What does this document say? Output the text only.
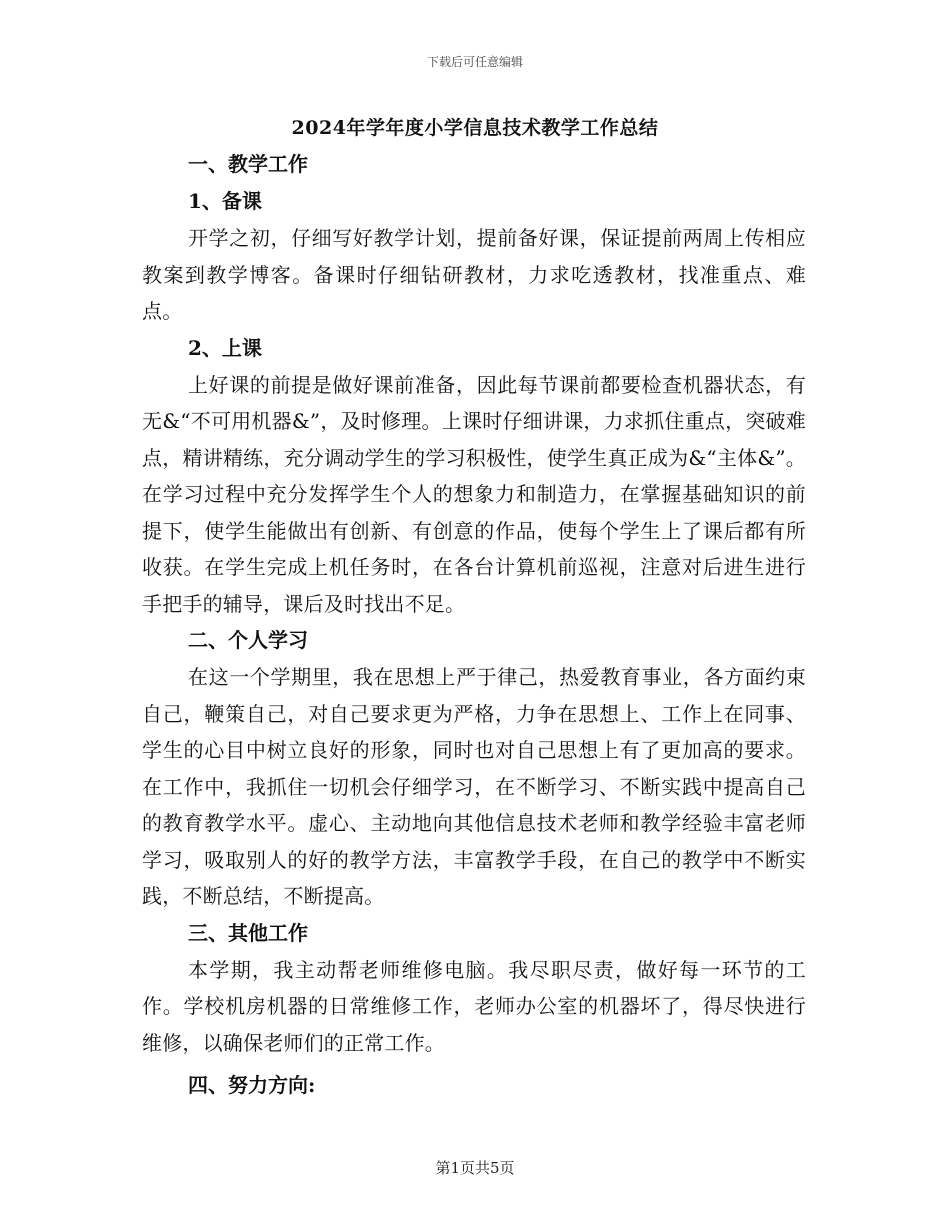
下载后可任意编辑
2024年学年度小学信息技术教学工作总结
一、教学工作
1、备课

开学之初，仔细写好教学计划，提前备好课，保证提前两周上传相应教案到教学博客。备课时仔细钻研教材，力求吃透教材，找准重点、难点。

2、上课

上好课的前提是做好课前准备，因此每节课前都要检查机器状态，有无&“不可用机器&”，及时修理。上课时仔细讲课，力求抓住重点，突破难点，精讲精练，充分调动学生的学习积极性，使学生真正成为&“主体&”。在学习过程中充分发挥学生个人的想象力和制造力，在掌握基础知识的前提下，使学生能做出有创新、有创意的作品，使每个学生上了课后都有所收获。在学生完成上机任务时，在各台计算机前巡视，注意对后进生进行手把手的辅导，课后及时找出不足。

二、个人学习

在这一个学期里，我在思想上严于律己，热爱教育事业，各方面约束自己，鞭策自己，对自己要求更为严格，力争在思想上、工作上在同事、学生的心目中树立良好的形象，同时也对自己思想上有了更加高的要求。在工作中，我抓住一切机会仔细学习，在不断学习、不断实践中提高自己的教育教学水平。虚心、主动地向其他信息技术老师和教学经验丰富老师学习，吸取别人的好的教学方法，丰富教学手段，在自己的教学中不断实践，不断总结，不断提高。

三、其他工作

本学期，我主动帮老师维修电脑。我尽职尽责，做好每一环节的工作。学校机房机器的日常维修工作，老师办公室的机器坏了，得尽快进行维修，以确保老师们的正常工作。

四、努力方向:
第1页共5页
